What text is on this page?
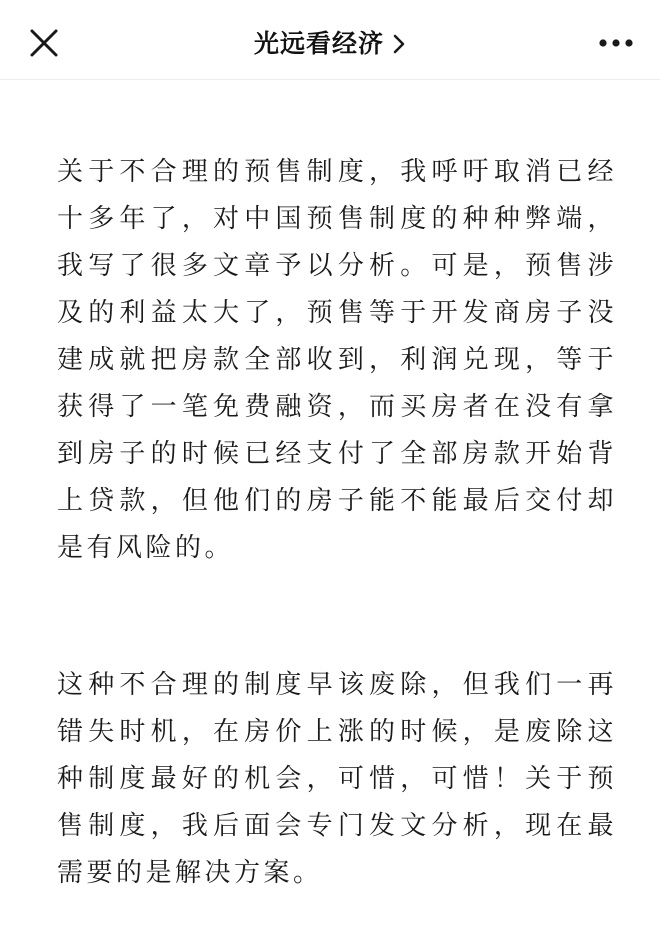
关于不合理的预售制度，我呼吁取消已经十多年了，对中国预售制度的种种弊端，我写了很多文章予以分析。可是，预售涉及的利益太大了，预售等于开发商房子没建成就把房款全部收到，利润兑现，等于获得了一笔免费融资，而买房者在没有拿到房子的时候已经支付了全部房款开始背上贷款，但他们的房子能不能最后交付却是有风险的。

这种不合理的制度早该废除，但我们一再错失时机，在房价上涨的时候，是废除这种制度最好的机会，可惜，可惜！关于预售制度，我后面会专门发文分析，现在最需要的是解决方案。

光远看经济
